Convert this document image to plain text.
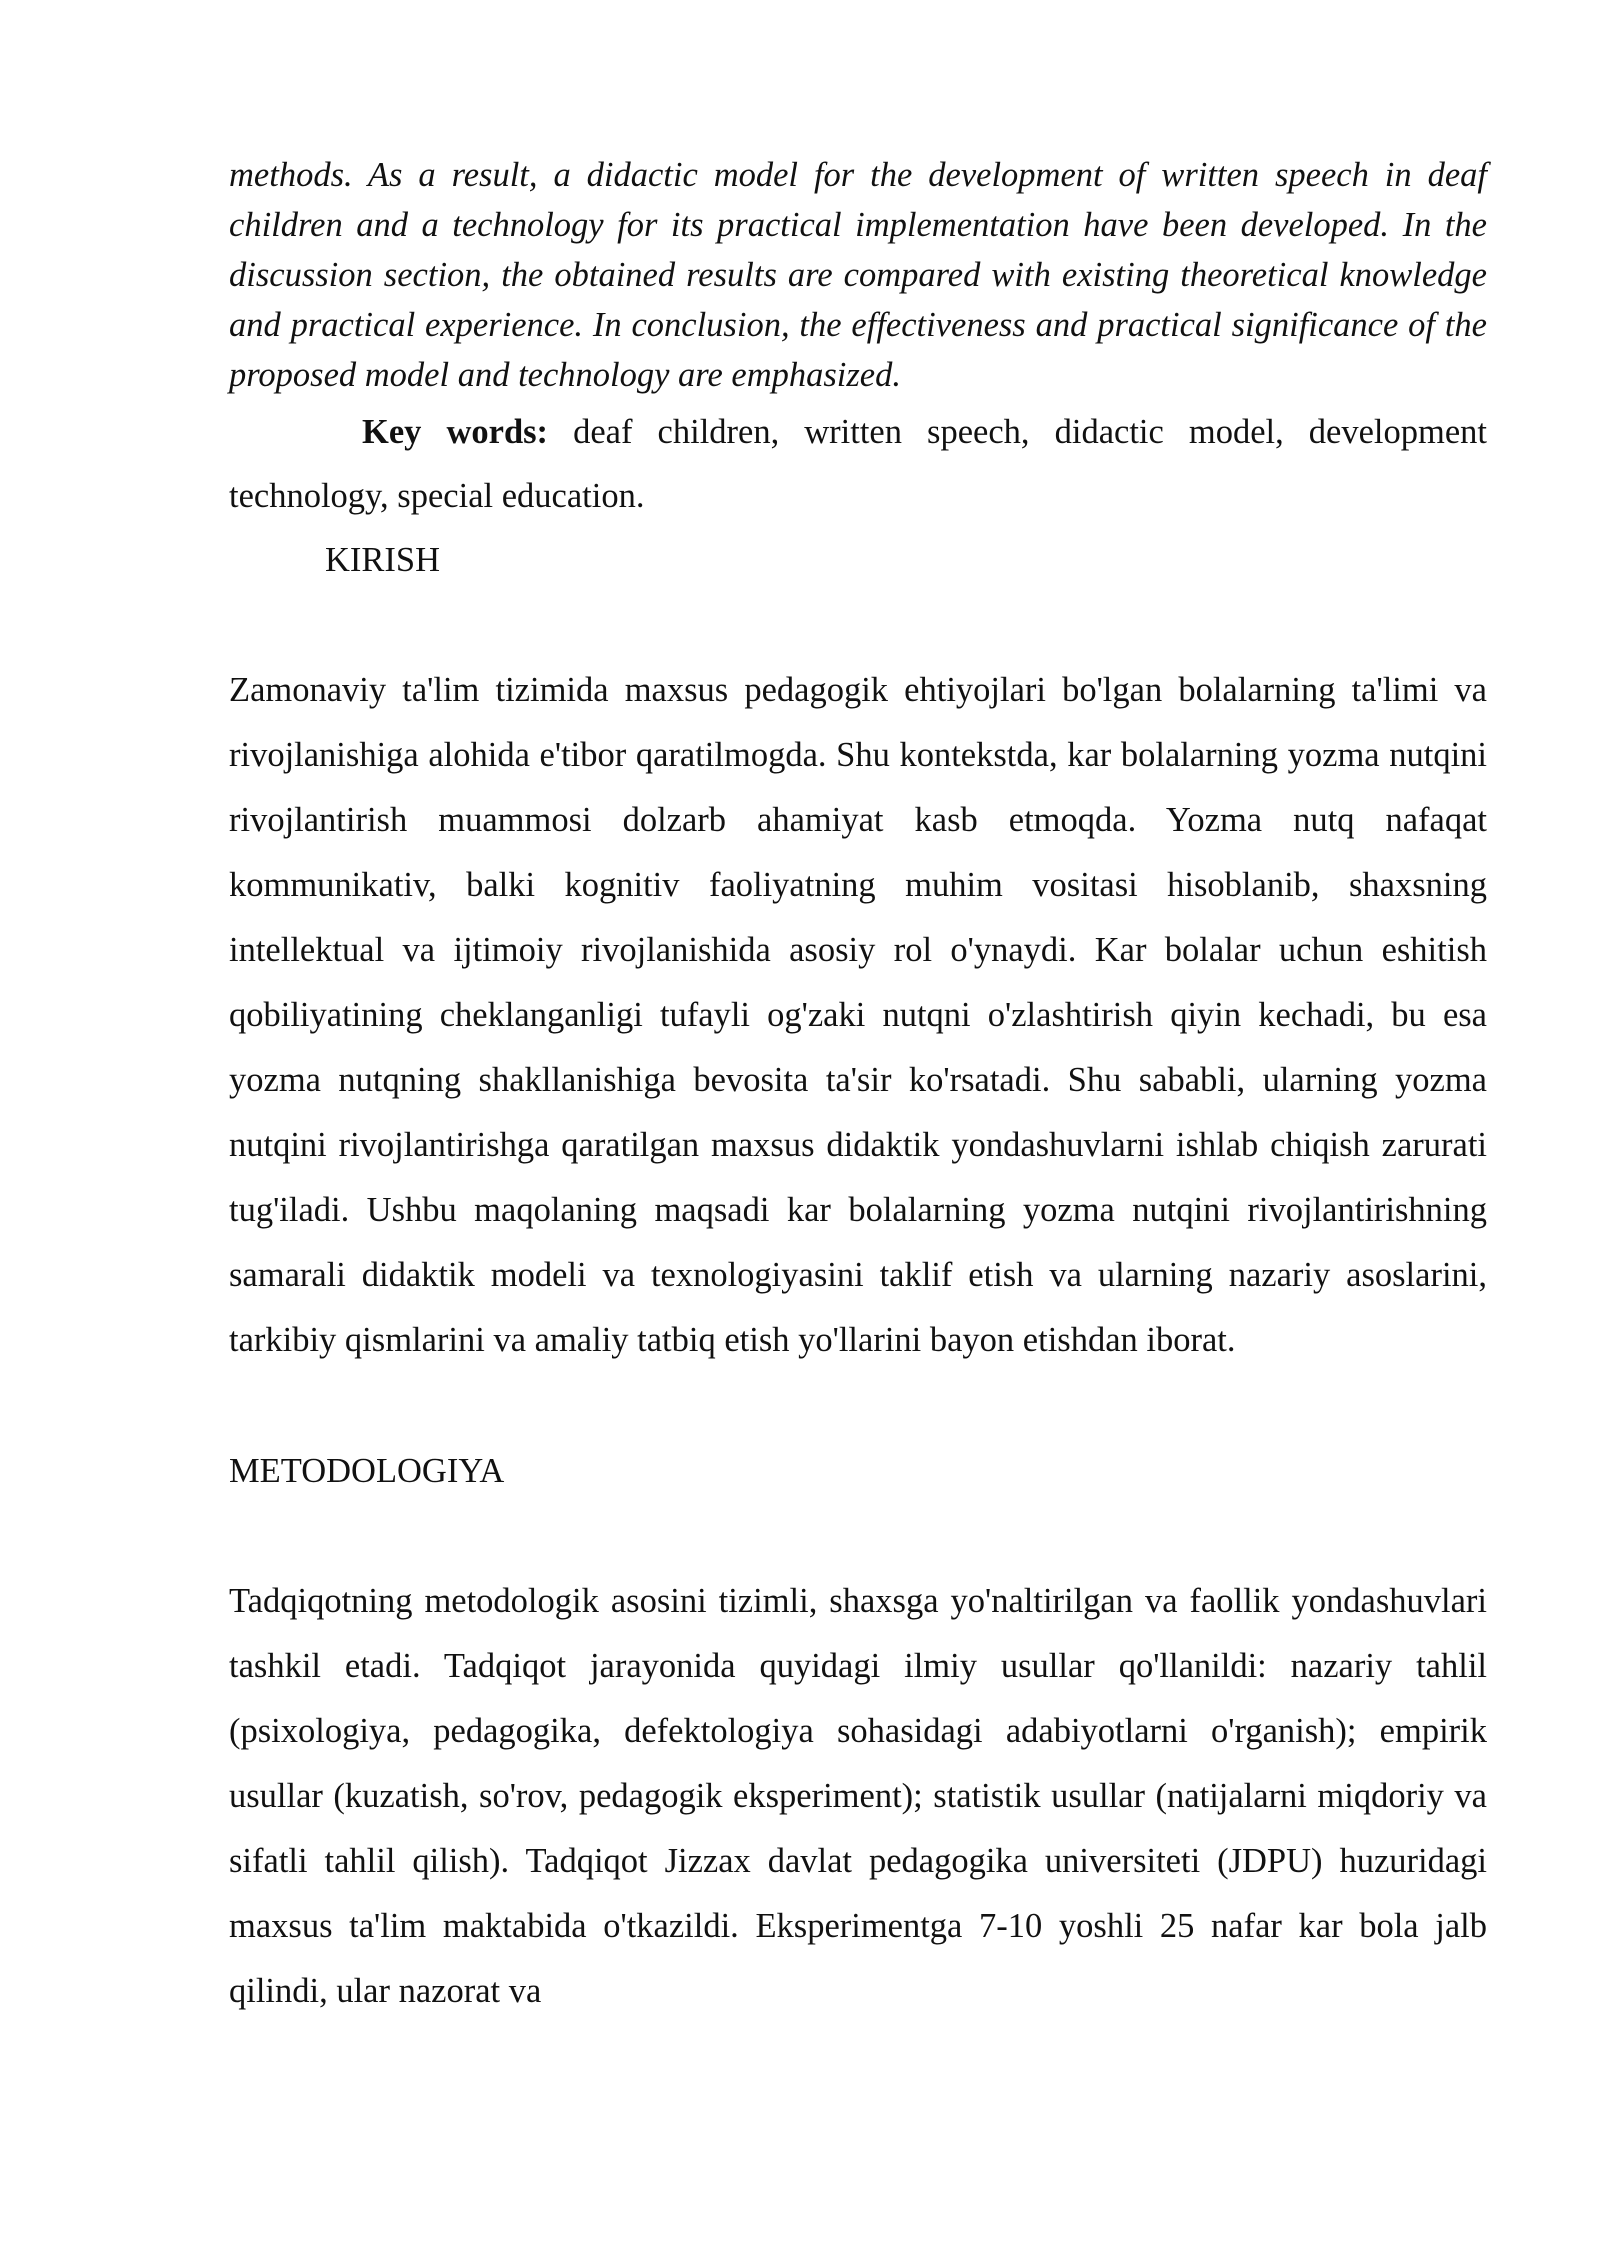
methods. As a result, a didactic model for the development of written speech in deaf children and a technology for its practical implementation have been developed. In the discussion section, the obtained results are compared with existing theoretical knowledge and practical experience. In conclusion, the effectiveness and practical significance of the proposed model and technology are emphasized.

Key words: deaf children, written speech, didactic model, development technology, special education.

KIRISH

Zamonaviy ta'lim tizimida maxsus pedagogik ehtiyojlari bo'lgan bolalarning ta'limi va rivojlanishiga alohida e'tibor qaratilmogda. Shu kontekstda, kar bolalarning yozma nutqini rivojlantirish muammosi dolzarb ahamiyat kasb etmoqda. Yozma nutq nafaqat kommunikativ, balki kognitiv faoliyatning muhim vositasi hisoblanib, shaxsning intellektual va ijtimoiy rivojlanishida asosiy rol o'ynaydi. Kar bolalar uchun eshitish qobiliyatining cheklanganligi tufayli og'zaki nutqni o'zlashtirish qiyin kechadi, bu esa yozma nutqning shakllanishiga bevosita ta'sir ko'rsatadi. Shu sababli, ularning yozma nutqini rivojlantirishga qaratilgan maxsus didaktik yondashuvlarni ishlab chiqish zarurati tug'iladi. Ushbu maqolaning maqsadi kar bolalarning yozma nutqini rivojlantirishning samarali didaktik modeli va texnologiyasini taklif etish va ularning nazariy asoslarini, tarkibiy qismlarini va amaliy tatbiq etish yo'llarini bayon etishdan iborat.

METODOLOGIYA

Tadqiqotning metodologik asosini tizimli, shaxsga yo'naltirilgan va faollik yondashuvlari tashkil etadi. Tadqiqot jarayonida quyidagi ilmiy usullar qo'llanildi: nazariy tahlil (psixologiya, pedagogika, defektologiya sohasidagi adabiyotlarni o'rganish); empirik usullar (kuzatish, so'rov, pedagogik eksperiment); statistik usullar (natijalarni miqdoriy va sifatli tahlil qilish). Tadqiqot Jizzax davlat pedagogika universiteti (JDPU) huzuridagi maxsus ta'lim maktabida o'tkazildi. Eksperimentga 7-10 yoshli 25 nafar kar bola jalb qilindi, ular nazorat va
